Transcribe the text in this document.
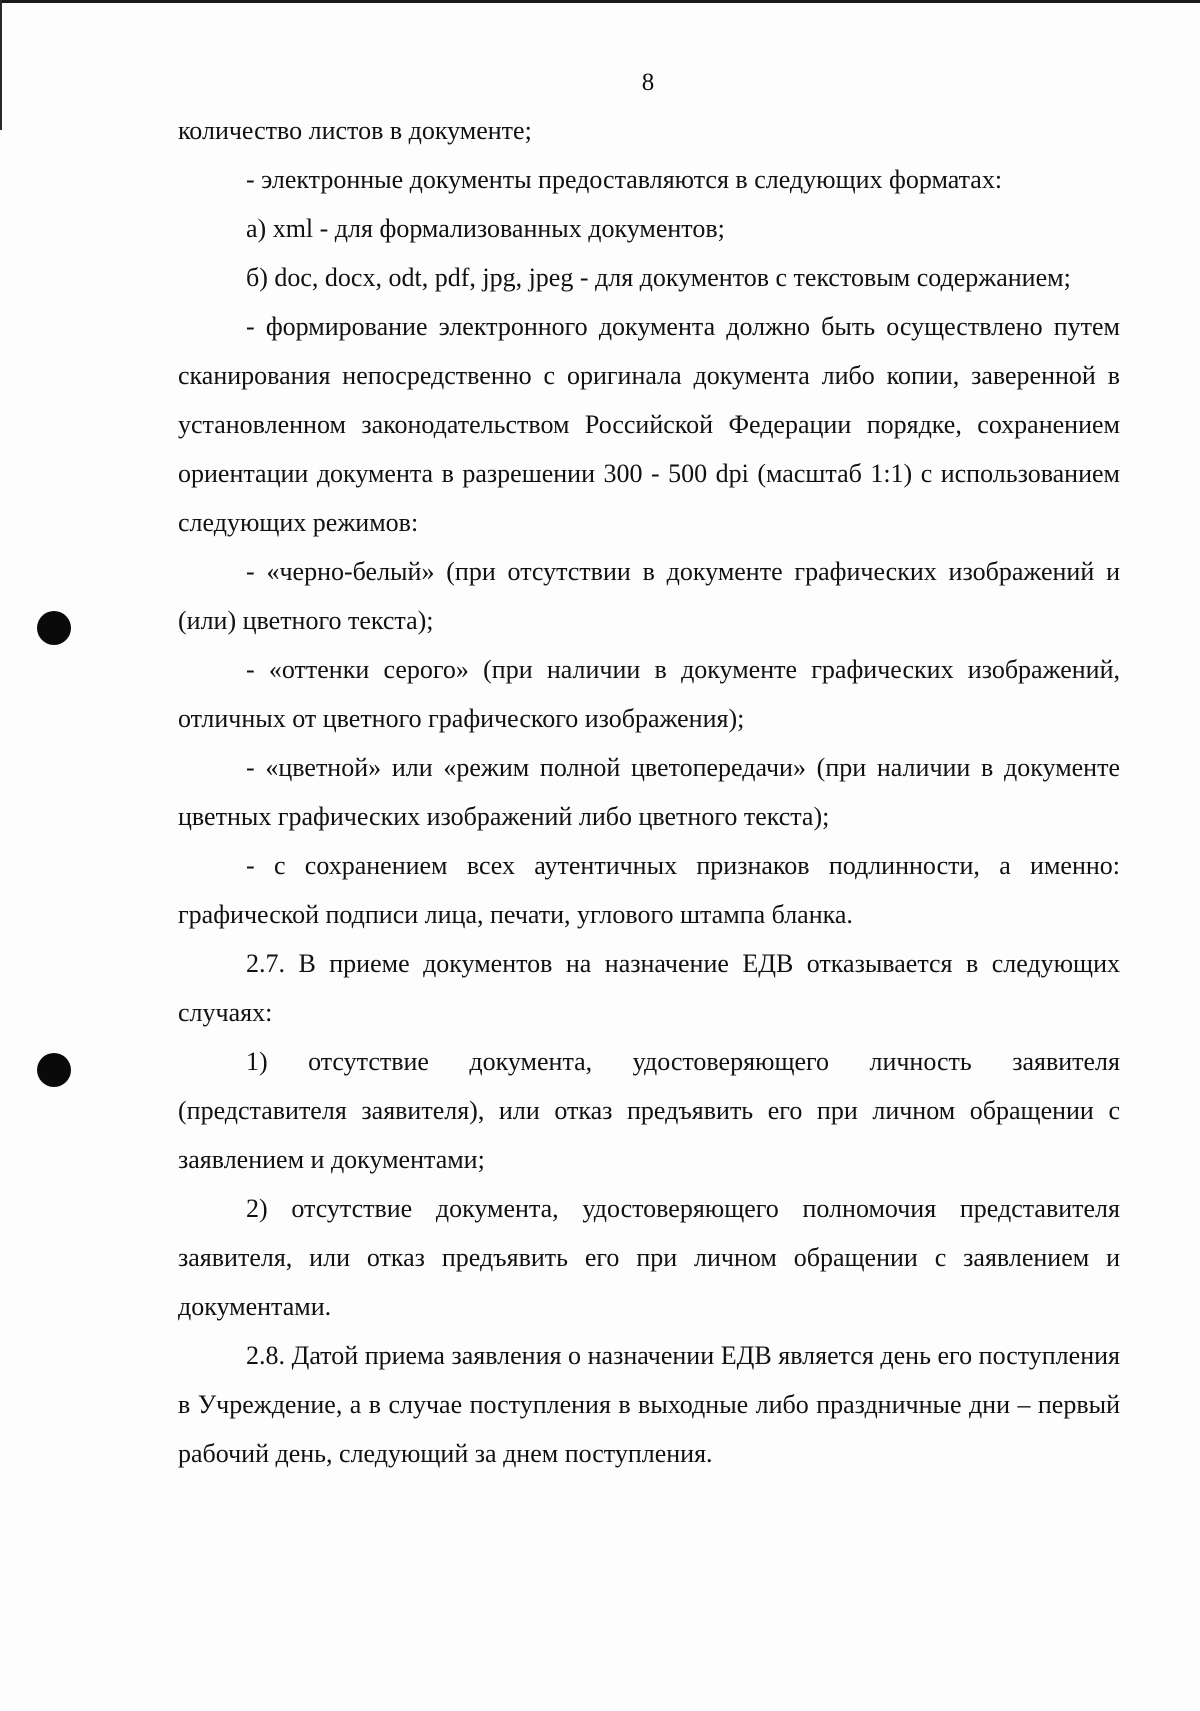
8

количество листов в документе;

- электронные документы предоставляются в следующих форматах:

а) xml - для формализованных документов;

б) doc, docx, odt, pdf, jpg, jpeg - для документов с текстовым содержанием;

- формирование электронного документа должно быть осуществлено путем сканирования непосредственно с оригинала документа либо копии, заверенной в установленном законодательством Российской Федерации порядке, сохранением ориентации документа в разрешении 300 - 500 dpi (масштаб 1:1) с использованием следующих режимов:

- «черно-белый» (при отсутствии в документе графических изображений и (или) цветного текста);

- «оттенки серого» (при наличии в документе графических изображений, отличных от цветного графического изображения);

- «цветной» или «режим полной цветопередачи» (при наличии в документе цветных графических изображений либо цветного текста);

- с сохранением всех аутентичных признаков подлинности, а именно: графической подписи лица, печати, углового штампа бланка.

2.7. В приеме документов на назначение ЕДВ отказывается в следующих случаях:

1) отсутствие документа, удостоверяющего личность заявителя (представителя заявителя), или отказ предъявить его при личном обращении с заявлением и документами;

2) отсутствие документа, удостоверяющего полномочия представителя заявителя, или отказ предъявить его при личном обращении с заявлением и документами.

2.8. Датой приема заявления о назначении ЕДВ является день его поступления в Учреждение, а в случае поступления в выходные либо праздничные дни – первый рабочий день, следующий за днем поступления.
